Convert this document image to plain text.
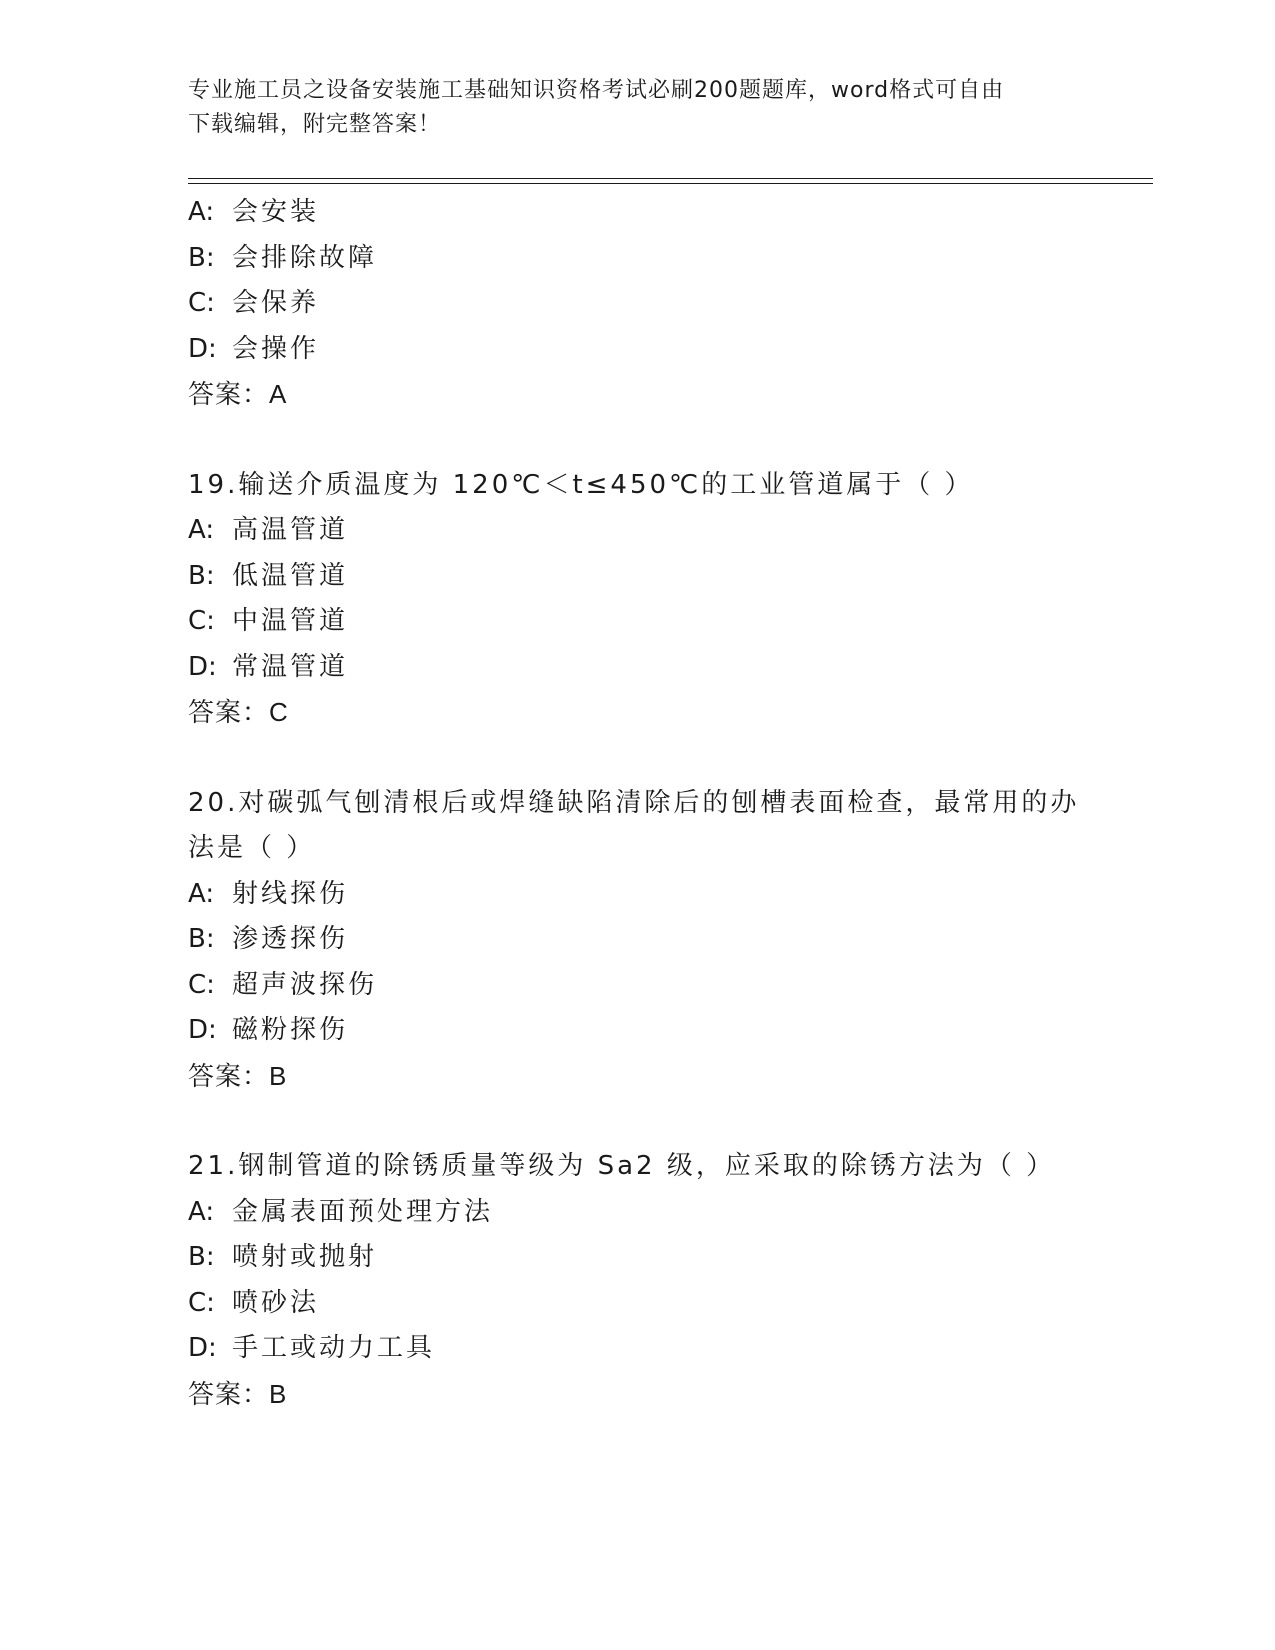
专业施工员之设备安装施工基础知识资格考试必刷200题题库，word格式可自由
下载编辑，附完整答案！
A: 会安装
B: 会排除故障
C: 会保养
D: 会操作
答案：A
19.输送介质温度为 120℃＜t≤450℃的工业管道属于（ ）
A: 高温管道
B: 低温管道
C: 中温管道
D: 常温管道
答案：C
20.对碳弧气刨清根后或焊缝缺陷清除后的刨槽表面检查，最常用的办
法是（ ）
A: 射线探伤
B: 渗透探伤
C: 超声波探伤
D: 磁粉探伤
答案：B
21.钢制管道的除锈质量等级为 Sa2 级，应采取的除锈方法为（ ）
A: 金属表面预处理方法
B: 喷射或抛射
C: 喷砂法
D: 手工或动力工具
答案：B
